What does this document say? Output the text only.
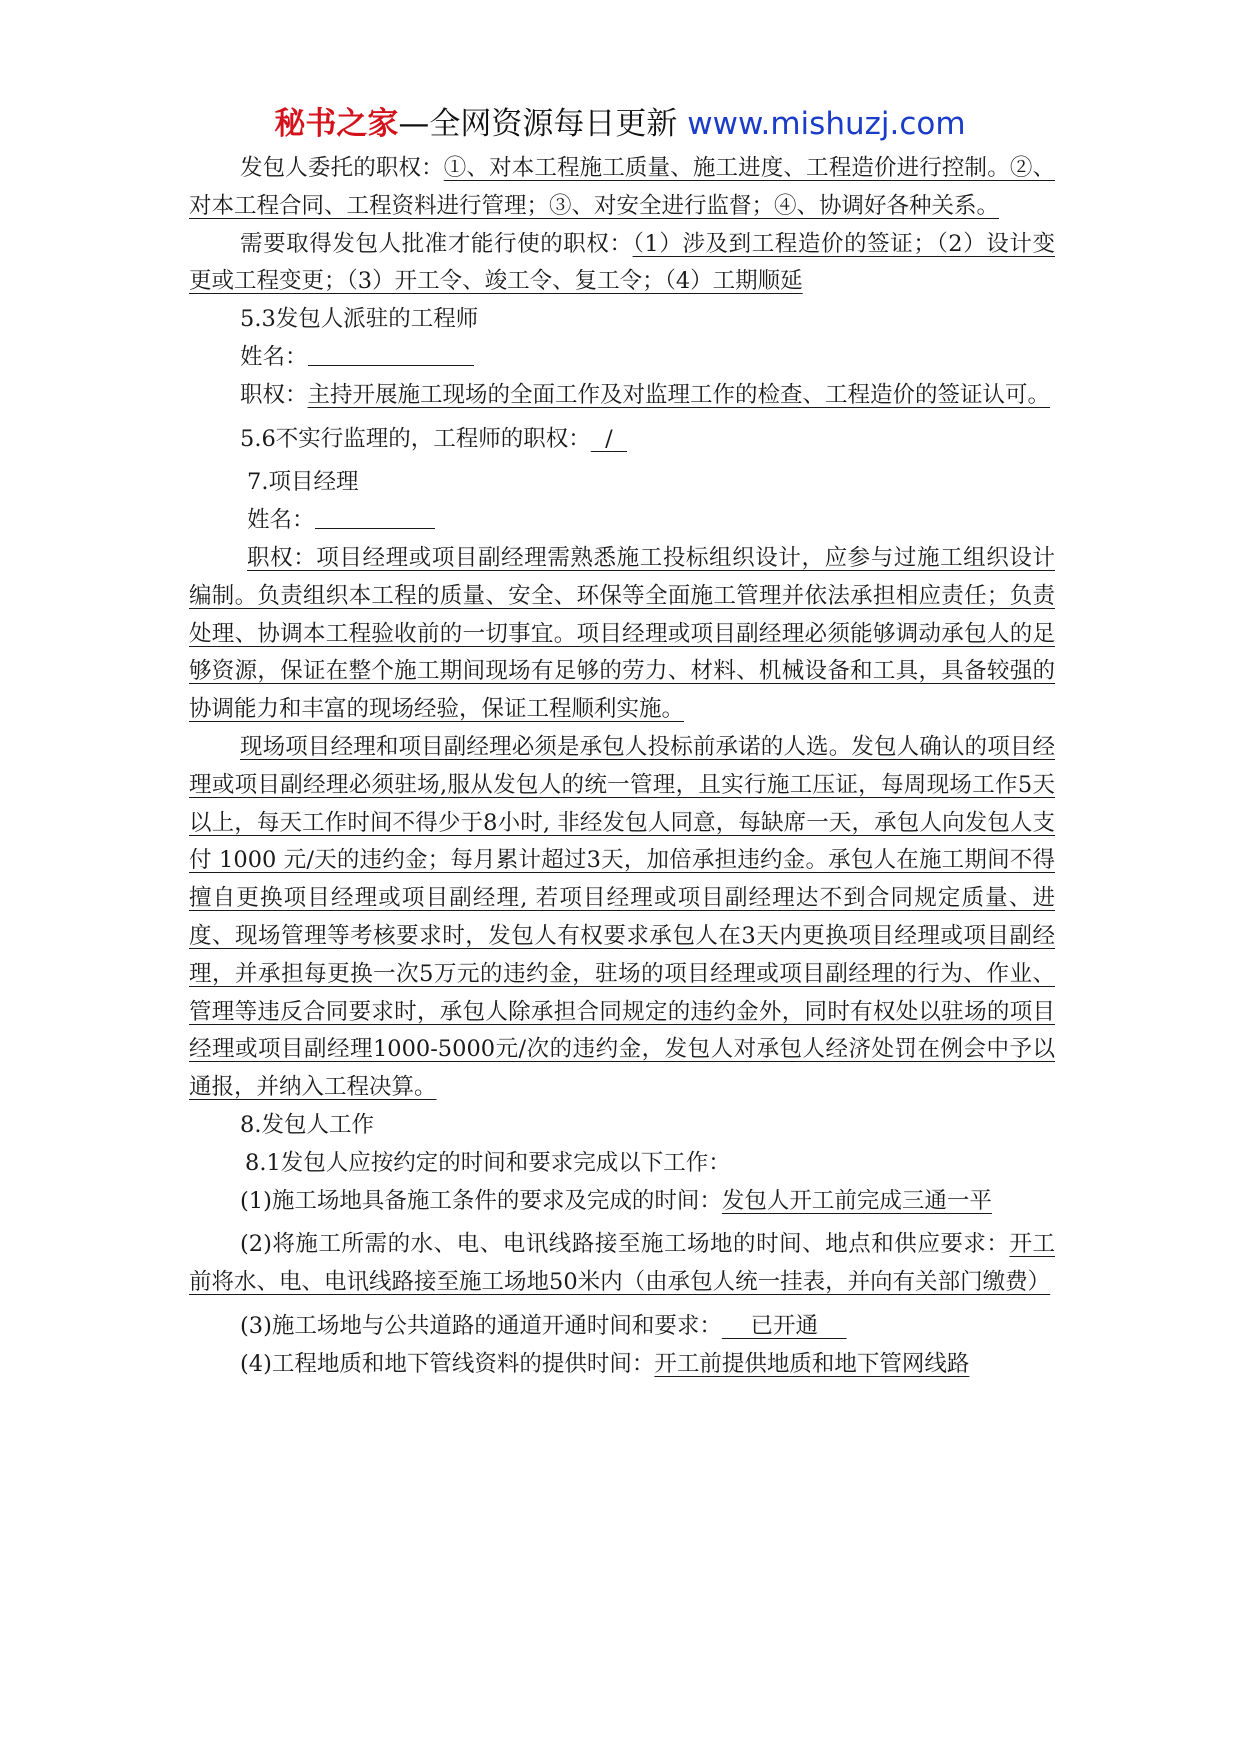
秘书之家—全网资源每日更新 www.mishuzj.com

发包人委托的职权：①、对本工程施工质量、施工进度、工程造价进行控制。②、对本工程合同、工程资料进行管理；③、对安全进行监督；④、协调好各种关系。

需要取得发包人批准才能行使的职权：（1）涉及到工程造价的签证；（2）设计变更或工程变更；（3）开工令、竣工令、复工令；（4）工期顺延

5.3发包人派驻的工程师

姓名：

职权：主持开展施工现场的全面工作及对监理工作的检查、工程造价的签证认可。

5.6不实行监理的，工程师的职权： /

7.项目经理

姓名：

职权：项目经理或项目副经理需熟悉施工投标组织设计，应参与过施工组织设计编制。负责组织本工程的质量、安全、环保等全面施工管理并依法承担相应责任；负责处理、协调本工程验收前的一切事宜。项目经理或项目副经理必须能够调动承包人的足够资源，保证在整个施工期间现场有足够的劳力、材料、机械设备和工具，具备较强的协调能力和丰富的现场经验，保证工程顺利实施。

现场项目经理和项目副经理必须是承包人投标前承诺的人选。发包人确认的项目经理或项目副经理必须驻场,服从发包人的统一管理，且实行施工压证，每周现场工作5天以上，每天工作时间不得少于8小时, 非经发包人同意，每缺席一天，承包人向发包人支付 1000 元/天的违约金；每月累计超过3天，加倍承担违约金。承包人在施工期间不得擅自更换项目经理或项目副经理, 若项目经理或项目副经理达不到合同规定质量、进度、现场管理等考核要求时，发包人有权要求承包人在3天内更换项目经理或项目副经理，并承担每更换一次5万元的违约金，驻场的项目经理或项目副经理的行为、作业、管理等违反合同要求时，承包人除承担合同规定的违约金外，同时有权处以驻场的项目经理或项目副经理1000-5000元/次的违约金，发包人对承包人经济处罚在例会中予以通报，并纳入工程决算。

8.发包人工作

8.1发包人应按约定的时间和要求完成以下工作：

(1)施工场地具备施工条件的要求及完成的时间：发包人开工前完成三通一平

(2)将施工所需的水、电、电讯线路接至施工场地的时间、地点和供应要求：开工前将水、电、电讯线路接至施工场地50米内（由承包人统一挂表，并向有关部门缴费）

(3)施工场地与公共道路的通道开通时间和要求： 已开通

(4)工程地质和地下管线资料的提供时间：开工前提供地质和地下管网线路
